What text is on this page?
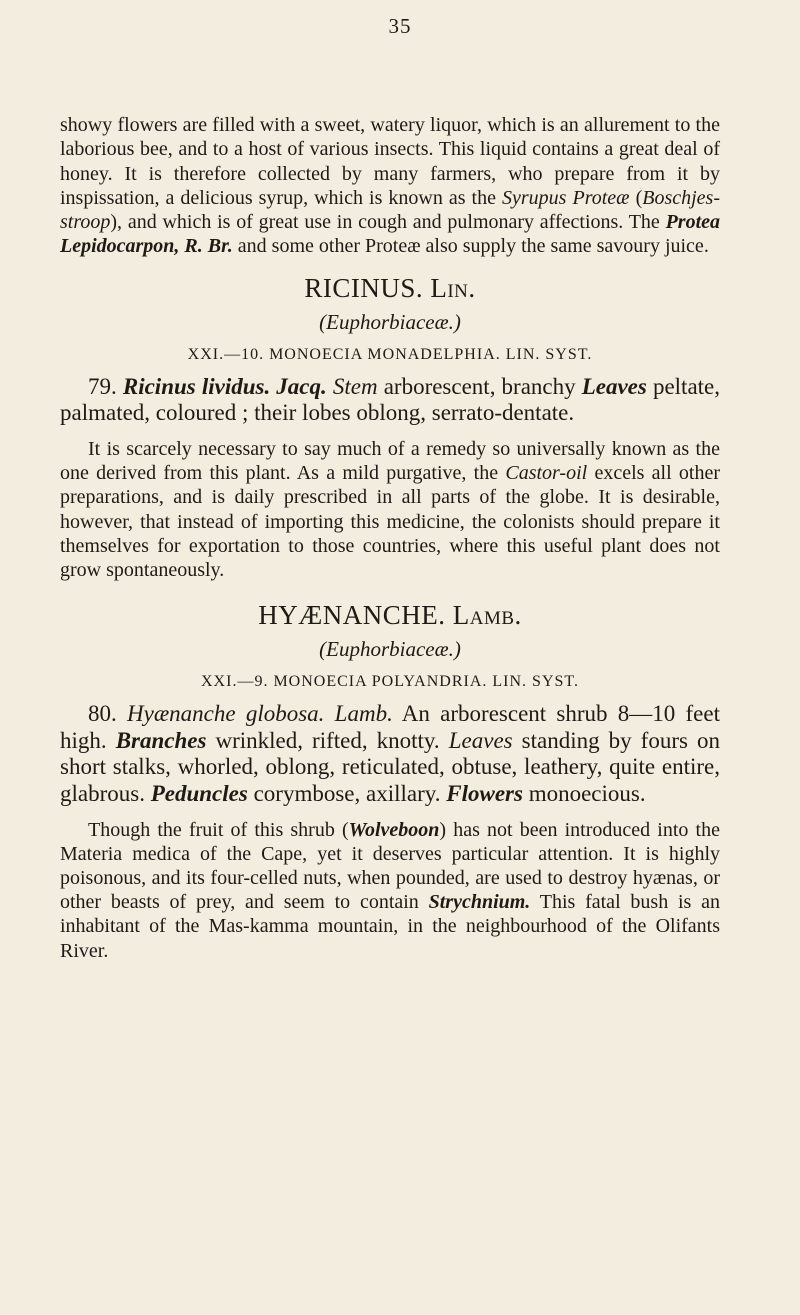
35

showy flowers are filled with a sweet, watery liquor, which is an allurement to the laborious bee, and to a host of various insects. This liquid contains a great deal of honey. It is therefore collected by many farmers, who prepare from it by inspissation, a delicious syrup, which is known as the Syrupus Proteæ (Boschjes-stroop), and which is of great use in cough and pulmonary affections. The Protea Lepidocarpon, R. Br. and some other Proteæ also supply the same savoury juice.

RICINUS. Lin.
(Euphorbiaceæ.)
XXI.—10. MONOECIA MONADELPHIA. LIN. SYST.

79. Ricinus lividus. Jacq. Stem arborescent, branchy Leaves peltate, palmated, coloured ; their lobes oblong, serrato-dentate.

It is scarcely necessary to say much of a remedy so universally known as the one derived from this plant. As a mild purgative, the Castor-oil excels all other preparations, and is daily prescribed in all parts of the globe. It is desirable, however, that instead of importing this medicine, the colonists should prepare it themselves for exportation to those countries, where this useful plant does not grow spontaneously.

HYÆNANCHE. Lamb.
(Euphorbiaceæ.)
XXI.—9. MONOECIA POLYANDRIA. LIN. SYST.

80. Hyænanche globosa. Lamb. An arborescent shrub 8—10 feet high. Branches wrinkled, rifted, knotty. Leaves standing by fours on short stalks, whorled, oblong, reticulated, obtuse, leathery, quite entire, glabrous. Peduncles corymbose, axillary. Flowers monoecious.

Though the fruit of this shrub (Wolveboon) has not been introduced into the Materia medica of the Cape, yet it deserves particular attention. It is highly poisonous, and its four-celled nuts, when pounded, are used to destroy hyænas, or other beasts of prey, and seem to contain Strychnium. This fatal bush is an inhabitant of the Mas-kamma mountain, in the neighbourhood of the Olifants River.
